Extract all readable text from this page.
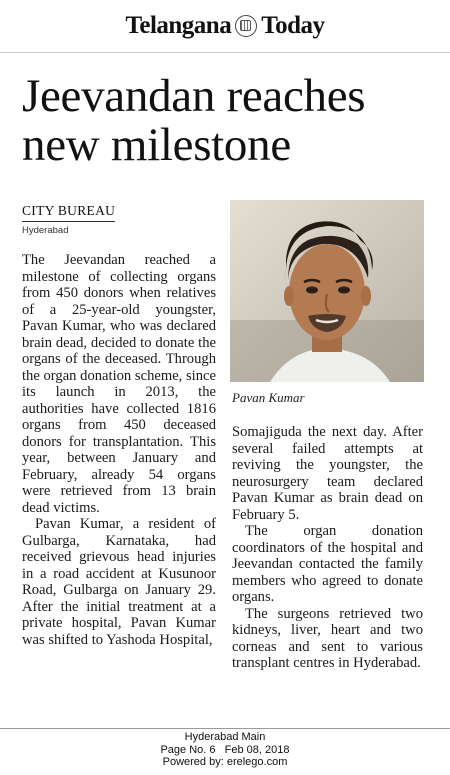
Telangana Today
Jeevandan reaches new milestone
CITY BUREAU
Hyderabad

The Jeevandan reached a milestone of collecting organs from 450 donors when relatives of a 25-year-old youngster, Pavan Kumar, who was declared brain dead, decided to donate the organs of the deceased. Through the organ donation scheme, since its launch in 2013, the authorities have collected 1816 organs from 450 deceased donors for transplantation. This year, between January and February, already 54 organs were retrieved from 13 brain dead victims.

Pavan Kumar, a resident of Gulbarga, Karnataka, had received grievous head injuries in a road accident at Kusunoor Road, Gulbarga on January 29. After the initial treatment at a private hospital, Pavan Kumar was shifted to Yashoda Hospital,

Pavan Kumar

Somajiguda the next day. After several failed attempts at reviving the youngster, the neurosurgery team declared Pavan Kumar as brain dead on February 5.

The organ donation coordinators of the hospital and Jeevandan contacted the family members who agreed to donate organs.

The surgeons retrieved two kidneys, liver, heart and two corneas and sent to various transplant centres in Hyderabad.

Hyderabad Main
Page No. 6   Feb 08, 2018
Powered by: erelego.com
